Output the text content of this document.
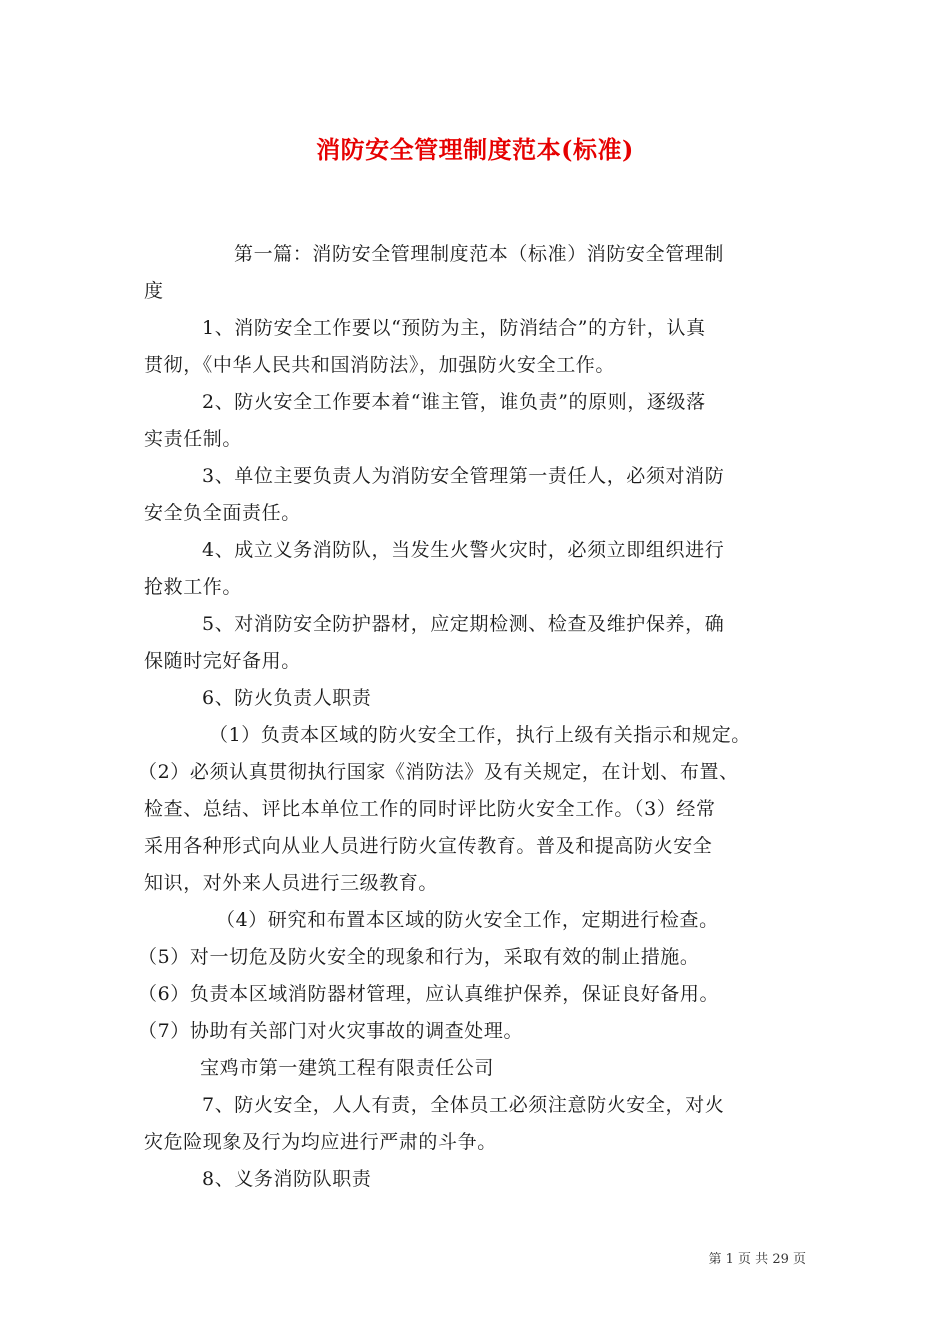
消防安全管理制度范本(标准)
第一篇：消防安全管理制度范本（标准）消防安全管理制
度
1、消防安全工作要以“预防为主，防消结合”的方针，认真
贯彻，《中华人民共和国消防法》，加强防火安全工作。
2、防火安全工作要本着“谁主管，谁负责”的原则，逐级落
实责任制。
3、单位主要负责人为消防安全管理第一责任人，必须对消防
安全负全面责任。
4、成立义务消防队，当发生火警火灾时，必须立即组织进行
抢救工作。
5、对消防安全防护器材，应定期检测、检查及维护保养，确
保随时完好备用。
6、防火负责人职责
（1）负责本区域的防火安全工作，执行上级有关指示和规定。
（2）必须认真贯彻执行国家《消防法》及有关规定，在计划、布置、
检查、总结、评比本单位工作的同时评比防火安全工作。（3）经常
采用各种形式向从业人员进行防火宣传教育。普及和提高防火安全
知识，对外来人员进行三级教育。
（4）研究和布置本区域的防火安全工作，定期进行检查。
（5）对一切危及防火安全的现象和行为，采取有效的制止措施。
（6）负责本区域消防器材管理，应认真维护保养，保证良好备用。
（7）协助有关部门对火灾事故的调查处理。
宝鸡市第一建筑工程有限责任公司
7、防火安全，人人有责，全体员工必须注意防火安全，对火
灾危险现象及行为均应进行严肃的斗争。
8、义务消防队职责
第 1 页 共 29 页
